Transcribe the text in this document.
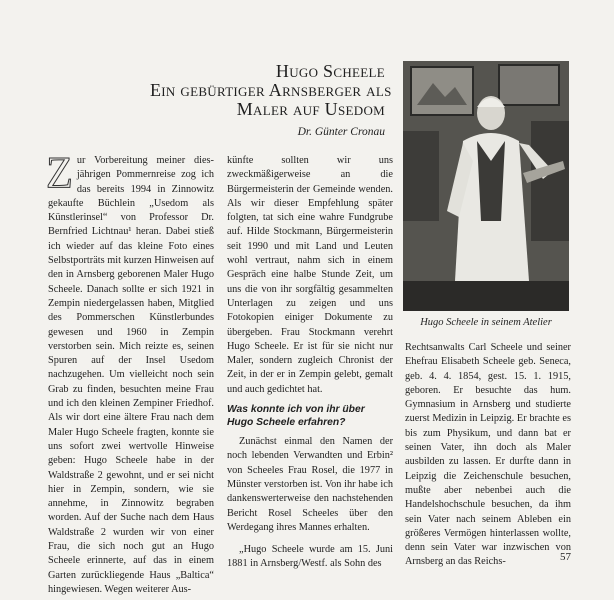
Hugo Scheele
Ein gebürtiger Arnsberger als
Maler auf Usedom
Dr. Günter Cronau
Hugo Scheele in seinem Atelier

Z ur Vorbereitung meiner dies-jährigen Pommernreise zog ich das bereits 1994 in Zinnowitz gekaufte Büchlein „Usedom als Künstlerinsel“ von Professor Dr. Bernfried Lichtnau¹ heran. Dabei stieß ich wieder auf das kleine Foto eines Selbstporträts mit kurzen Hinweisen auf den in Arnsberg geborenen Maler Hugo Scheele. Danach sollte er sich 1921 in Zempin niedergelassen haben, Mitglied des Pommerschen Künstlerbundes gewesen und 1960 in Zempin verstorben sein. Mich reizte es, seinen Spuren auf der Insel Usedom nachzugehen. Um vielleicht noch sein Grab zu finden, besuchten meine Frau und ich den kleinen Zempiner Friedhof. Als wir dort eine ältere Frau nach dem Maler Hugo Scheele fragten, konnte sie uns sofort zwei wertvolle Hinweise geben: Hugo Scheele habe in der Waldstraße 2 gewohnt, und er sei nicht hier in Zempin, sondern, wie sie annehme, in Zinnowitz begraben worden. Auf der Suche nach dem Haus Waldstraße 2 wurden wir von einer Frau, die sich noch gut an Hugo Scheele erinnerte, auf das in einem Garten zurückliegende Haus „Baltica“ hingewiesen. Wegen weiterer Aus-

künfte sollten wir uns zweckmäßigerweise an die Bürgermeisterin der Gemeinde wenden. Als wir dieser Empfehlung später folgten, tat sich eine wahre Fundgrube auf. Hilde Stockmann, Bürgermeisterin seit 1990 und mit Land und Leuten wohl vertraut, nahm sich in einem Gespräch eine halbe Stunde Zeit, um uns die von ihr sorgfältig gesammelten Unterlagen zu zeigen und uns Fotokopien einiger Dokumente zu übergeben. Frau Stockmann verehrt Hugo Scheele. Er ist für sie nicht nur Maler, sondern zugleich Chronist der Zeit, in der er in Zempin gelebt, gemalt und auch gedichtet hat.

Was konnte ich von ihr über Hugo Scheele erfahren?

Zunächst einmal den Namen der noch lebenden Verwandten und Erbin² von Scheeles Frau Rosel, die 1977 in Münster verstorben ist. Von ihr habe ich dankenswerterweise den nachstehenden Bericht Rosel Scheeles über den Werdegang ihres Mannes erhalten.

„Hugo Scheele wurde am 15. Juni 1881 in Arnsberg/Westf. als Sohn des

Rechtsanwalts Carl Scheele und seiner Ehefrau Elisabeth Scheele geb. Seneca, geb. 4. 4. 1854, gest. 15. 1. 1915, geboren. Er besuchte das hum. Gymnasium in Arnsberg und studierte zuerst Medizin in Leipzig. Er brachte es bis zum Physikum, und dann bat er seinen Vater, ihn doch als Maler ausbilden zu lassen. Er durfte dann in Leipzig die Zeichenschule besuchen, mußte aber nebenbei auch die Handelshochschule besuchen, da ihm sein Vater nach seinem Ableben ein größeres Vermögen hinterlassen wollte, denn sein Vater war inzwischen von Arnsberg an das Reichs-	57
